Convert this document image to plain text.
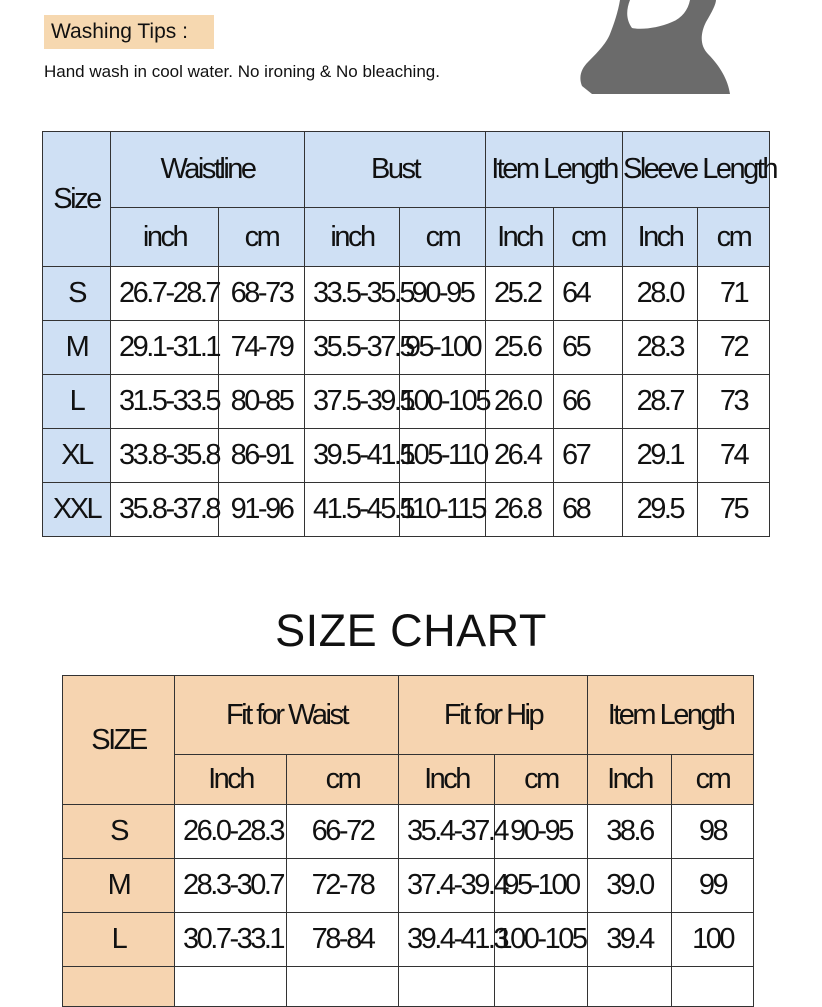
Washing Tips :
Hand wash in cool water. No ironing & No bleaching.
Size	Waistline		Bust		Item Length		Sleeve Length	
	inch	cm	inch	cm	Inch	cm	Inch	cm
S	26.7-28.7	68-73	33.5-35.5	90-95	25.2	64	28.0	71
M	29.1-31.1	74-79	35.5-37.5	95-100	25.6	65	28.3	72
L	31.5-33.5	80-85	37.5-39.5	100-105	26.0	66	28.7	73
XL	33.8-35.8	86-91	39.5-41.5	105-110	26.4	67	29.1	74
XXL	35.8-37.8	91-96	41.5-45.5	110-115	26.8	68	29.5	75
SIZE CHART
SIZE	Fit for Waist		Fit for Hip		Item Length	
	Inch	cm	Inch	cm	Inch	cm
S	26.0-28.3	66-72	35.4-37.4	90-95	38.6	98
M	28.3-30.7	72-78	37.4-39.4	95-100	39.0	99
L	30.7-33.1	78-84	39.4-41.3	100-105	39.4	100
